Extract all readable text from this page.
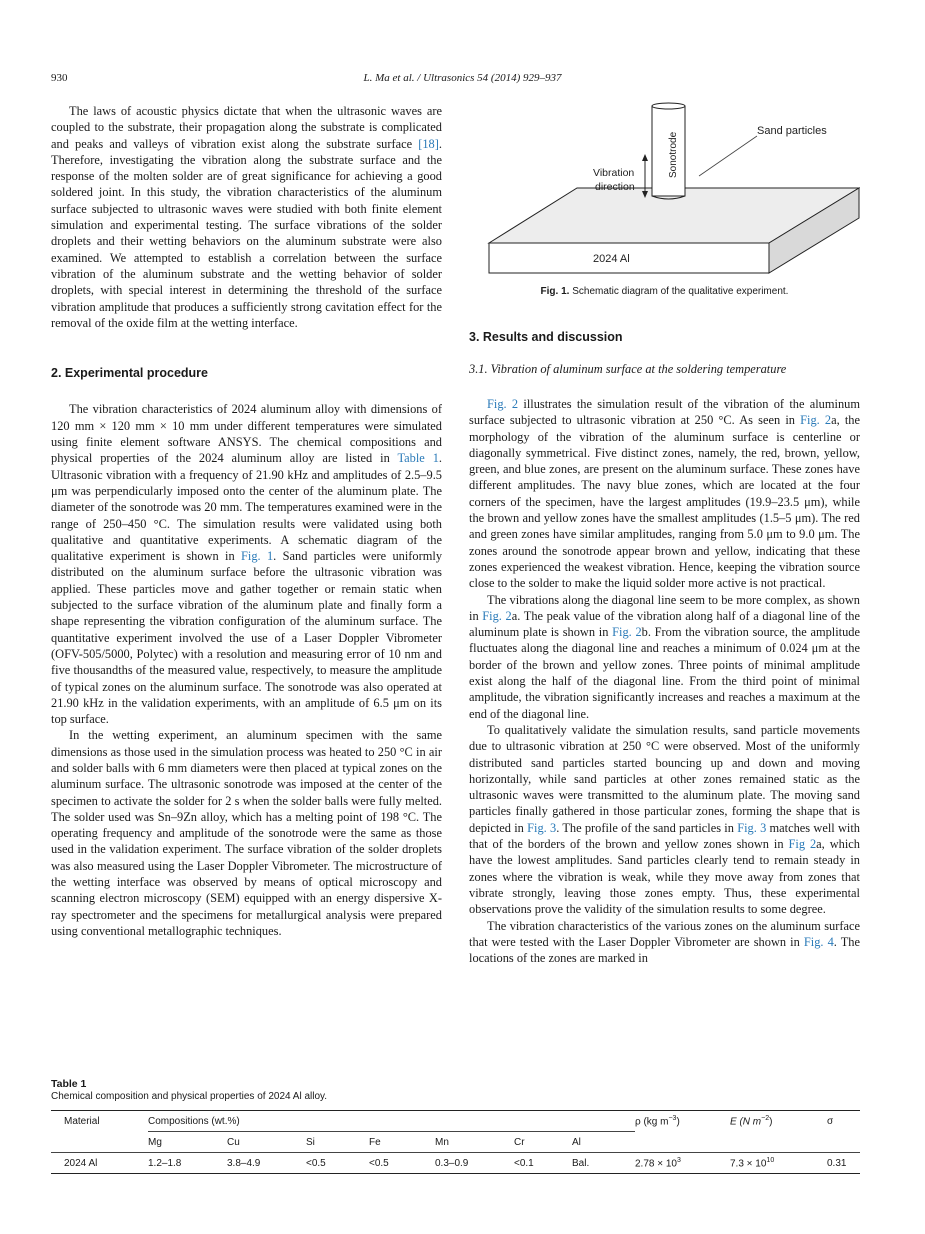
930	L. Ma et al. / Ultrasonics 54 (2014) 929–937

The laws of acoustic physics dictate that when the ultrasonic waves are coupled to the substrate, their propagation along the substrate is complicated and peaks and valleys of vibration exist along the substrate surface [18]. Therefore, investigating the vibration along the substrate surface and the response of the molten solder are of great significance for achieving a good soldered joint. In this study, the vibration characteristics of the aluminum surface subjected to ultrasonic waves were studied with both finite element simulation and experimental testing. The surface vibrations of the solder droplets and their wetting behaviors on the aluminum substrate were also examined. We attempted to establish a correlation between the surface vibration of the aluminum substrate and the wetting behavior of solder droplets, with special interest in determining the threshold of the surface vibration amplitude that produces a sufficiently strong cavitation effect for the removal of the oxide film at the wetting interface.

2. Experimental procedure

The vibration characteristics of 2024 aluminum alloy with dimensions of 120 mm × 120 mm × 10 mm under different temperatures were simulated using finite element software ANSYS. The chemical compositions and physical properties of the 2024 aluminum alloy are listed in Table 1. Ultrasonic vibration with a frequency of 21.90 kHz and amplitudes of 2.5–9.5 μm was perpendicularly imposed onto the center of the aluminum plate. The diameter of the sonotrode was 20 mm. The temperatures examined were in the range of 250–450 °C. The simulation results were validated using both qualitative and quantitative experiments. A schematic diagram of the qualitative experiment is shown in Fig. 1. Sand particles were uniformly distributed on the aluminum surface before the ultrasonic vibration was applied. These particles move and gather together or remain static when subjected to the surface vibration of the aluminum plate and finally form a shape representing the vibration configuration of the aluminum surface. The quantitative experiment involved the use of a Laser Doppler Vibrometer (OFV-505/5000, Polytec) with a resolution and measuring error of 10 nm and five thousandths of the measured value, respectively, to measure the amplitude of typical zones on the aluminum surface. The sonotrode was also operated at 21.90 kHz in the validation experiments, with an amplitude of 6.5 μm on its top surface.

In the wetting experiment, an aluminum specimen with the same dimensions as those used in the simulation process was heated to 250 °C in air and solder balls with 6 mm diameters were then placed at typical zones on the aluminum surface. The ultrasonic sonotrode was imposed at the center of the specimen to activate the solder for 2 s when the solder balls were fully melted. The solder used was Sn–9Zn alloy, which has a melting point of 198 °C. The operating frequency and amplitude of the sonotrode were the same as those used in the validation experiment. The surface vibration of the solder droplets was also measured using the Laser Doppler Vibrometer. The microstructure of the wetting interface was observed by means of optical microscopy and scanning electron microscopy (SEM) equipped with an energy dispersive X-ray spectrometer and the specimens for metallurgical analysis were prepared using conventional metallographic techniques.

Sand particles
Sonotrode
Vibration
direction
2024 Al
Fig. 1. Schematic diagram of the qualitative experiment.
3. Results and discussion
3.1. Vibration of aluminum surface at the soldering temperature

Fig. 2 illustrates the simulation result of the vibration of the aluminum surface subjected to ultrasonic vibration at 250 °C. As seen in Fig. 2a, the morphology of the vibration of the aluminum surface is centerline or diagonally symmetrical. Five distinct zones, namely, the red, brown, yellow, green, and blue zones, are present on the aluminum surface. These zones have different amplitudes. The navy blue zones, which are located at the four corners of the specimen, have the largest amplitudes (19.9–23.5 μm), while the brown and yellow zones have the smallest amplitudes (1.5–5 μm). The red and green zones have similar amplitudes, ranging from 5.0 μm to 9.0 μm. The zones around the sonotrode appear brown and yellow, indicating that these zones experienced the weakest vibration. Hence, keeping the vibration source close to the solder to make the liquid solder more active is not practical.

The vibrations along the diagonal line seem to be more complex, as shown in Fig. 2a. The peak value of the vibration along half of a diagonal line of the aluminum plate is shown in Fig. 2b. From the vibration source, the amplitude fluctuates along the diagonal line and reaches a minimum of 0.024 μm at the border of the brown and yellow zones. Three points of minimal amplitude exist along the half of the diagonal line. From the third point of minimal amplitude, the vibration significantly increases and reaches a maximum at the end of the diagonal line.

To qualitatively validate the simulation results, sand particle movements due to ultrasonic vibration at 250 °C were observed. Most of the uniformly distributed sand particles started bouncing up and down and moving horizontally, while sand particles at other zones remained static as the ultrasonic waves were transmitted to the aluminum plate. The moving sand particles finally gathered in those particular zones, forming the shape that is depicted in Fig. 3. The profile of the sand particles in Fig. 3 matches well with that of the borders of the brown and yellow zones shown in Fig 2a, which have the lowest amplitudes. Sand particles clearly tend to remain steady in zones where the vibration is weak, while they move away from zones that vibrate strongly, leaving those zones empty. Thus, these experimental observations prove the validity of the simulation results to some degree.

The vibration characteristics of the various zones on the aluminum surface that were tested with the Laser Doppler Vibrometer are shown in Fig. 4. The locations of the zones are marked in

Table 1
Chemical composition and physical properties of 2024 Al alloy.
Material	Compositions (wt.%)							ρ (kg $m^{-3}$)	E (N $m^{-2}$)	σ
	Mg	Cu	Si	Fe	Mn	Cr	Al			
2024 Al	1.2–1.8	3.8–4.9	<0.5	<0.5	0.3–0.9	<0.1	Bal.	$2.78 \times 10^3$	$7.3 \times 10^{10}$	0.31
